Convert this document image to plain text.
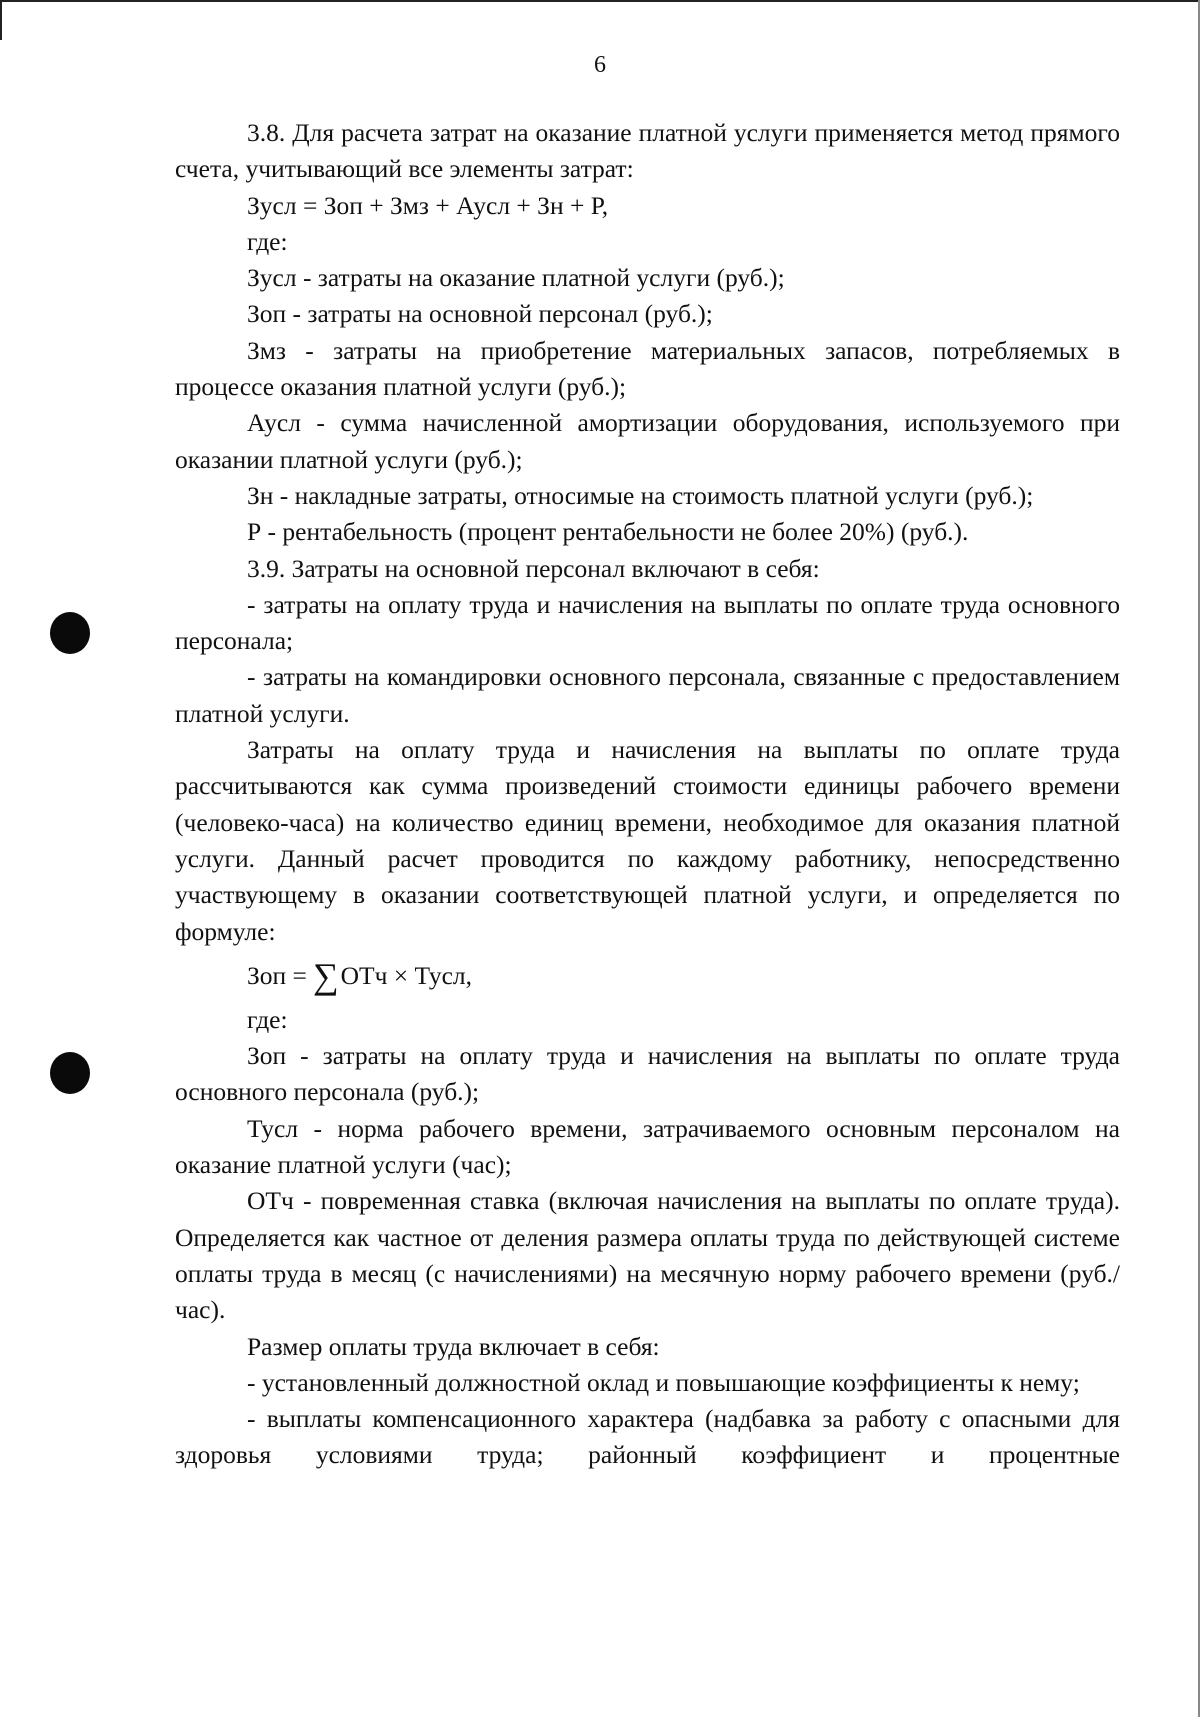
6

3.8. Для расчета затрат на оказание платной услуги применяется метод прямого счета, учитывающий все элементы затрат:

Зусл = Зоп + Змз + Аусл + Зн + Р,

где:

Зусл - затраты на оказание платной услуги (руб.);

Зоп - затраты на основной персонал (руб.);

Змз - затраты на приобретение материальных запасов, потребляемых в процессе оказания платной услуги (руб.);

Аусл - сумма начисленной амортизации оборудования, используемого при оказании платной услуги (руб.);

Зн - накладные затраты, относимые на стоимость платной услуги (руб.);

Р - рентабельность (процент рентабельности не более 20%) (руб.).

3.9. Затраты на основной персонал включают в себя:

- затраты на оплату труда и начисления на выплаты по оплате труда основного персонала;

- затраты на командировки основного персонала, связанные с предоставлением платной услуги.

Затраты на оплату труда и начисления на выплаты по оплате труда рассчитываются как сумма произведений стоимости единицы рабочего времени (человеко-часа) на количество единиц времени, необходимое для оказания платной услуги. Данный расчет проводится по каждому работнику, непосредственно участвующему в оказании соответствующей платной услуги, и определяется по формуле:

Зоп = ∑ОТч × Тусл,

где:

Зоп - затраты на оплату труда и начисления на выплаты по оплате труда основного персонала (руб.);

Тусл - норма рабочего времени, затрачиваемого основным персоналом на оказание платной услуги (час);

ОТч - повременная ставка (включая начисления на выплаты по оплате труда). Определяется как частное от деления размера оплаты труда по действующей системе оплаты труда в месяц (с начислениями) на месячную норму рабочего времени (руб./час).

Размер оплаты труда включает в себя:

- установленный должностной оклад и повышающие коэффициенты к нему;

- выплаты компенсационного характера (надбавка за работу с опасными для здоровья условиями труда; районный коэффициент и процентные
